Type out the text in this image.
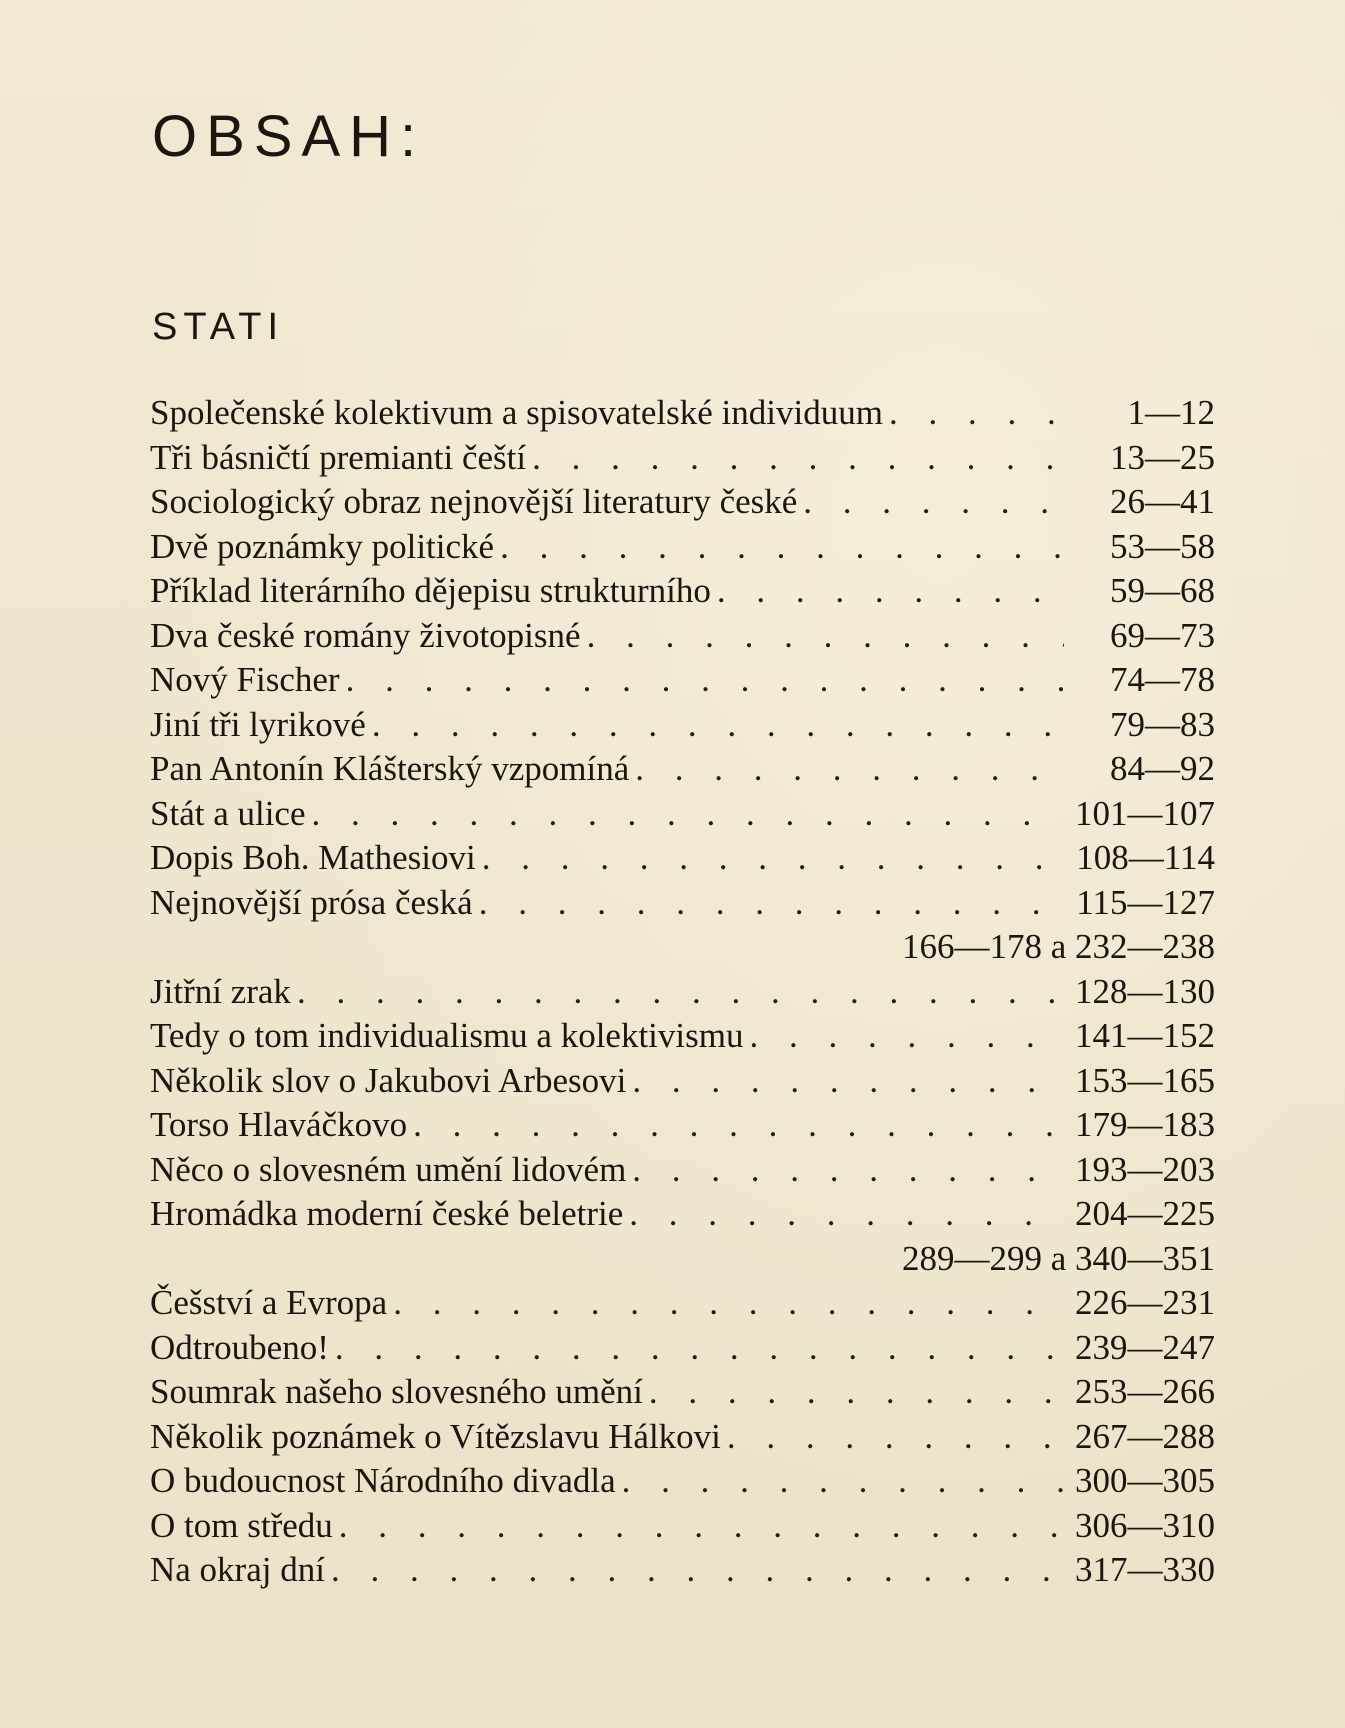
OBSAH:
STATI
Společenské kolektivum a spisovatelské individuum . . .	1—12
Tři básničtí premianti čeští . . .	13—25
Sociologický obraz nejnovější literatury české . . .	26—41
Dvě poznámky politické . . .	53—58
Příklad literárního dějepisu strukturního . . .	59—68
Dva české romány životopisné . . .	69—73
Nový Fischer . . .	74—78
Jiní tři lyrikové . . .	79—83
Pan Antonín Klášterský vzpomíná . . .	84—92
Stát a ulice . . .	101—107
Dopis Boh. Mathesiovi . . .	108—114
Nejnovější prósa česká . . .	115—127
166—178 a 232—238
Jitřní zrak . . .	128—130
Tedy o tom individualismu a kolektivismu . . .	141—152
Několik slov o Jakubovi Arbesovi . . .	153—165
Torso Hlaváčkovo . . .	179—183
Něco o slovesném umění lidovém . . .	193—203
Hromádka moderní české beletrie . . .	204—225
289—299 a 340—351
Češství a Evropa . . .	226—231
Odtroubeno! . . .	239—247
Soumrak našeho slovesného umění . . .	253—266
Několik poznámek o Vítězslavu Hálkovi . . .	267—288
O budoucnost Národního divadla . . .	300—305
O tom středu . . .	306—310
Na okraj dní . . .	317—330
